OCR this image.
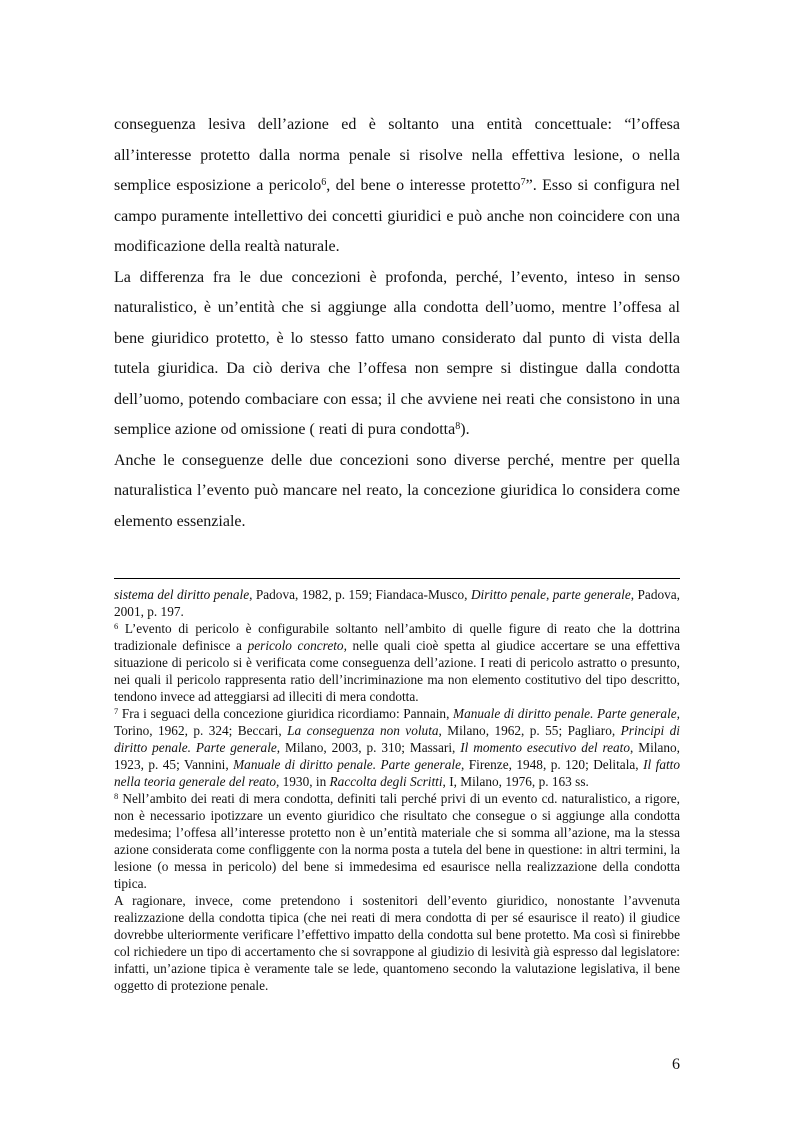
conseguenza lesiva dell’azione ed è soltanto una entità concettuale: “l’offesa all’interesse protetto dalla norma penale si risolve nella effettiva lesione, o nella semplice esposizione a pericolo$^6$, del bene o interesse protetto$^7$”. Esso si configura nel campo puramente intellettivo dei concetti giuridici e può anche non coincidere con una modificazione della realtà naturale.

La differenza fra le due concezioni è profonda, perché, l’evento, inteso in senso naturalistico, è un’entità che si aggiunge alla condotta dell’uomo, mentre l’offesa al bene giuridico protetto, è lo stesso fatto umano considerato dal punto di vista della tutela giuridica. Da ciò deriva che l’offesa non sempre si distingue dalla condotta dell’uomo, potendo combaciare con essa; il che avviene nei reati che consistono in una semplice azione od omissione ( reati di pura condotta$^8$).

Anche le conseguenze delle due concezioni sono diverse perché, mentre per quella naturalistica l’evento può mancare nel reato, la concezione giuridica lo considera come elemento essenziale.

sistema del diritto penale, Padova, 1982, p. 159; Fiandaca-Musco, Diritto penale, parte generale, Padova, 2001, p. 197.

$^6$ L’evento di pericolo è configurabile soltanto nell’ambito di quelle figure di reato che la dottrina tradizionale definisce a pericolo concreto, nelle quali cioè spetta al giudice accertare se una effettiva situazione di pericolo si è verificata come conseguenza dell’azione. I reati di pericolo astratto o presunto, nei quali il pericolo rappresenta ratio dell’incriminazione ma non elemento costitutivo del tipo descritto, tendono invece ad atteggiarsi ad illeciti di mera condotta.

$^7$ Fra i seguaci della concezione giuridica ricordiamo: Pannain, Manuale di diritto penale. Parte generale, Torino, 1962, p. 324; Beccari, La conseguenza non voluta, Milano, 1962, p. 55; Pagliaro, Principi di diritto penale. Parte generale, Milano, 2003, p. 310; Massari, Il momento esecutivo del reato, Milano, 1923, p. 45; Vannini, Manuale di diritto penale. Parte generale, Firenze, 1948, p. 120; Delitala, Il fatto nella teoria generale del reato, 1930, in Raccolta degli Scritti, I, Milano, 1976, p. 163 ss.

$^8$ Nell’ambito dei reati di mera condotta, definiti tali perché privi di un evento cd. naturalistico, a rigore, non è necessario ipotizzare un evento giuridico che risultato che consegue o si aggiunge alla condotta medesima; l’offesa all’interesse protetto non è un’entità materiale che si somma all’azione, ma la stessa azione considerata come confliggente con la norma posta a tutela del bene in questione: in altri termini, la lesione (o messa in pericolo) del bene si immedesima ed esaurisce nella realizzazione della condotta tipica.

A ragionare, invece, come pretendono i sostenitori dell’evento giuridico, nonostante l’avvenuta realizzazione della condotta tipica (che nei reati di mera condotta di per sé esaurisce il reato) il giudice dovrebbe ulteriormente verificare l’effettivo impatto della condotta sul bene protetto. Ma così si finirebbe col richiedere un tipo di accertamento che si sovrappone al giudizio di lesività già espresso dal legislatore: infatti, un’azione tipica è veramente tale se lede, quantomeno secondo la valutazione legislativa, il bene oggetto di protezione penale.

6
